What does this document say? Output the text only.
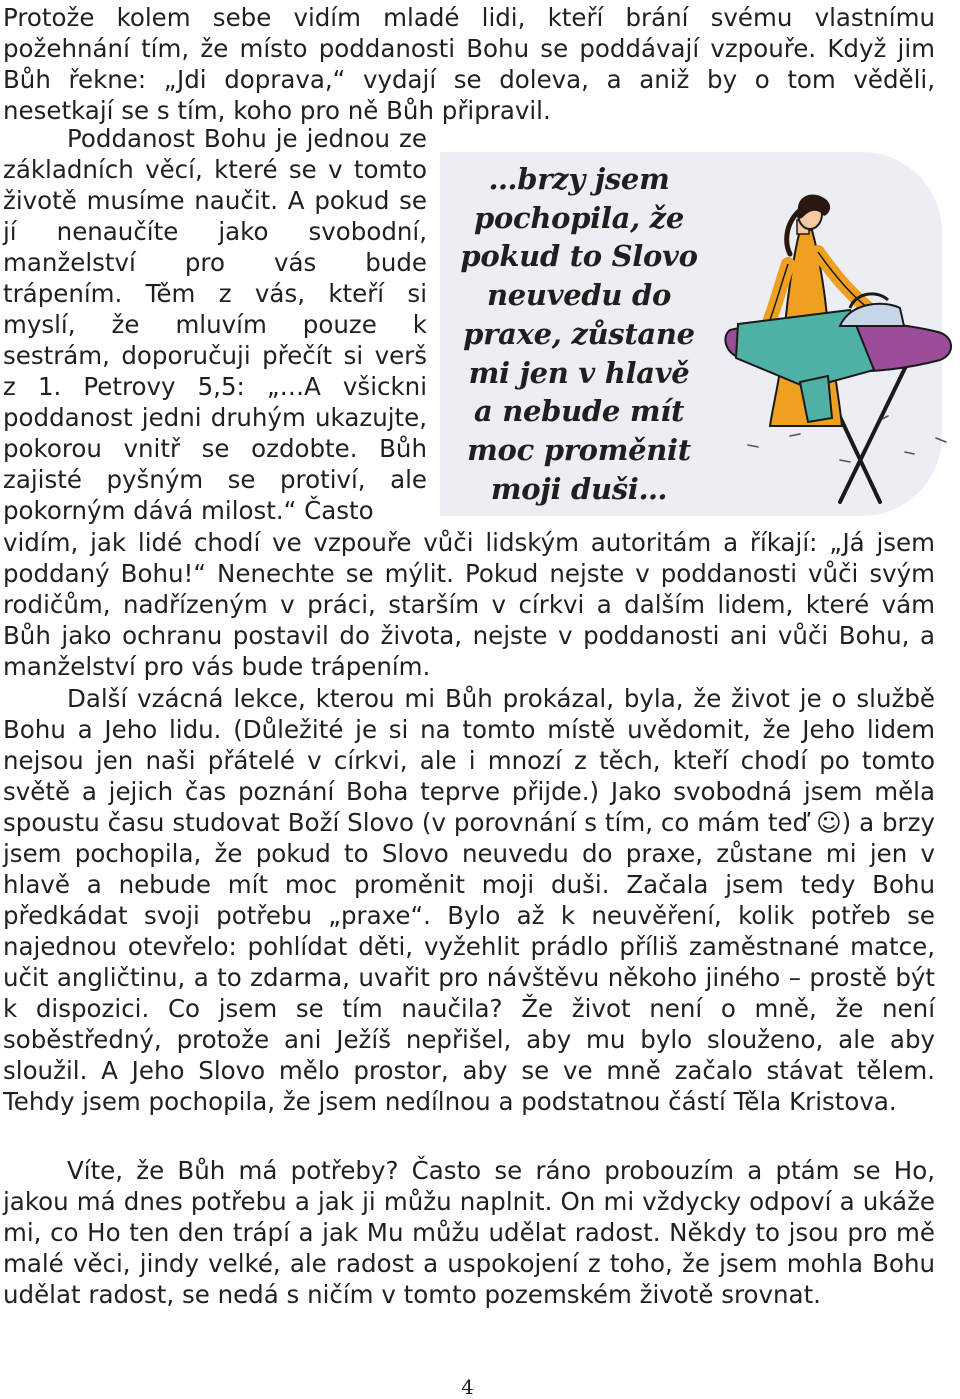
Protože kolem sebe vidím mladé lidi, kteří brání svému vlastnímu požehnání tím, že místo poddanosti Bohu se poddávají vzpouře. Když jim Bůh řekne: „Jdi doprava,“ vydají se doleva, a aniž by o tom věděli, nesetkají se s tím, koho pro ně Bůh připravil.

Poddanost Bohu je jednou ze základních věcí, které se v tomto životě musíme naučit. A pokud se jí nenaučíte jako svobodní, manželství pro vás bude trápením. Těm z vás, kteří si myslí, že mluvím pouze k sestrám, doporučuji přečít si verš z 1. Petrovy 5,5: „…A všickni poddanost jedni druhým ukazujte, pokorou vnitř se ozdobte. Bůh zajisté pyšným se protiví, ale pokorným dává milost.“ Často

…brzy jsem pochopila, že pokud to Slovo neuvedu do praxe, zůstane mi jen v hlavě a nebude mít moc proměnit moji duši…

vidím, jak lidé chodí ve vzpouře vůči lidským autoritám a říkají: „Já jsem poddaný Bohu!“ Nenechte se mýlit. Pokud nejste v poddanosti vůči svým rodičům, nadřízeným v práci, starším v církvi a dalším lidem, které vám Bůh jako ochranu postavil do života, nejste v poddanosti ani vůči Bohu, a manželství pro vás bude trápením.

Další vzácná lekce, kterou mi Bůh prokázal, byla, že život je o službě Bohu a Jeho lidu. (Důležité je si na tomto místě uvědomit, že Jeho lidem nejsou jen naši přátelé v církvi, ale i mnozí z těch, kteří chodí po tomto světě a jejich čas poznání Boha teprve přijde.) Jako svobodná jsem měla spoustu času studovat Boží Slovo (v porovnání s tím, co mám teď ☺) a brzy jsem pochopila, že pokud to Slovo neuvedu do praxe, zůstane mi jen v hlavě a nebude mít moc proměnit moji duši. Začala jsem tedy Bohu předkádat svoji potřebu „praxe“. Bylo až k neuvěření, kolik potřeb se najednou otevřelo: pohlídat děti, vyžehlit prádlo příliš zaměstnané matce, učit angličtinu, a to zdarma, uvařit pro návštěvu někoho jiného – prostě být k dispozici. Co jsem se tím naučila? Že život není o mně, že není soběstředný, protože ani Ježíš nepřišel, aby mu bylo slouženo, ale aby sloužil. A Jeho Slovo mělo prostor, aby se ve mně začalo stávat tělem. Tehdy jsem pochopila, že jsem nedílnou a podstatnou částí Těla Kristova.

Víte, že Bůh má potřeby? Často se ráno probouzím a ptám se Ho, jakou má dnes potřebu a jak ji můžu naplnit. On mi vždycky odpoví a ukáže mi, co Ho ten den trápí a jak Mu můžu udělat radost. Někdy to jsou pro mě malé věci, jindy velké, ale radost a uspokojení z toho, že jsem mohla Bohu udělat radost, se nedá s ničím v tomto pozemském životě srovnat.

4
